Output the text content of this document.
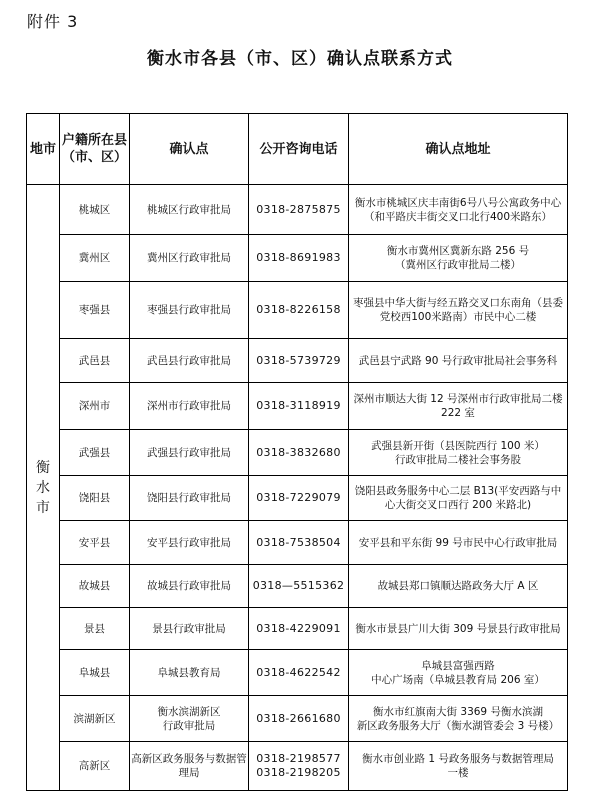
附件 3
衡水市各县（市、区）确认点联系方式
地市	户籍所在县（市、区）	确认点	公开咨询电话	确认点地址

衡水市	桃城区	桃城区行政审批局	0318-2875875	衡水市桃城区庆丰南街6号八号公寓政务中心
（和平路庆丰街交叉口北行400米路东）

	冀州区	冀州区行政审批局	0318-8691983	衡水市冀州区冀新东路 256 号
（冀州区行政审批局二楼）

	枣强县	枣强县行政审批局	0318-8226158	枣强县中华大街与经五路交叉口东南角（县委
党校西100米路南）市民中心二楼

	武邑县	武邑县行政审批局	0318-5739729	武邑县宁武路 90 号行政审批局社会事务科

	深州市	深州市行政审批局	0318-3118919	深州市顺达大街 12 号深州市行政审批局二楼
222 室

	武强县	武强县行政审批局	0318-3832680	武强县新开街（县医院西行 100 米）
行政审批局二楼社会事务股

	饶阳县	饶阳县行政审批局	0318-7229079	饶阳县政务服务中心二层 B13(平安西路与中
心大街交叉口西行 200 米路北)

	安平县	安平县行政审批局	0318-7538504	安平县和平东街 99 号市民中心行政审批局

	故城县	故城县行政审批局	0318—5515362	故城县郑口镇顺达路政务大厅 A 区

	景县	景县行政审批局	0318-4229091	衡水市景县广川大街 309 号景县行政审批局

	阜城县	阜城县教育局	0318-4622542	阜城县富强西路
中心广场南（阜城县教育局 206 室）

	滨湖新区	衡水滨湖新区
行政审批局	0318-2661680	衡水市红旗南大街 3369 号衡水滨湖
新区政务服务大厅（衡水湖管委会 3 号楼）

	高新区	高新区政务服务与数据管
理局	0318-2198577
0318-2198205	衡水市创业路 1 号政务服务与数据管理局
一楼
